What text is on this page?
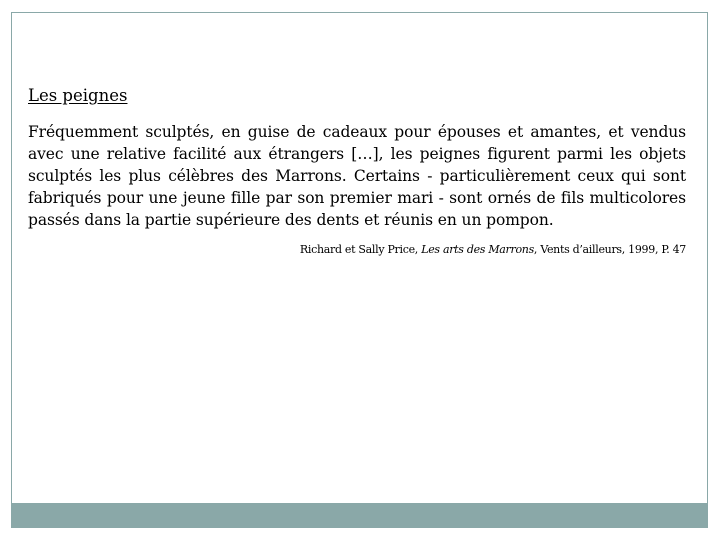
Les peignes

Fréquemment sculptés, en guise de cadeaux pour épouses et amantes, et vendus avec une relative facilité aux étrangers […], les peignes figurent parmi les objets sculptés les plus célèbres des Marrons. Certains - particulièrement ceux qui sont fabriqués pour une jeune fille par son premier mari - sont ornés de fils multicolores passés dans la partie supérieure des dents et réunis en un pompon.

Richard et Sally Price, Les arts des Marrons, Vents d’ailleurs, 1999, P. 47
